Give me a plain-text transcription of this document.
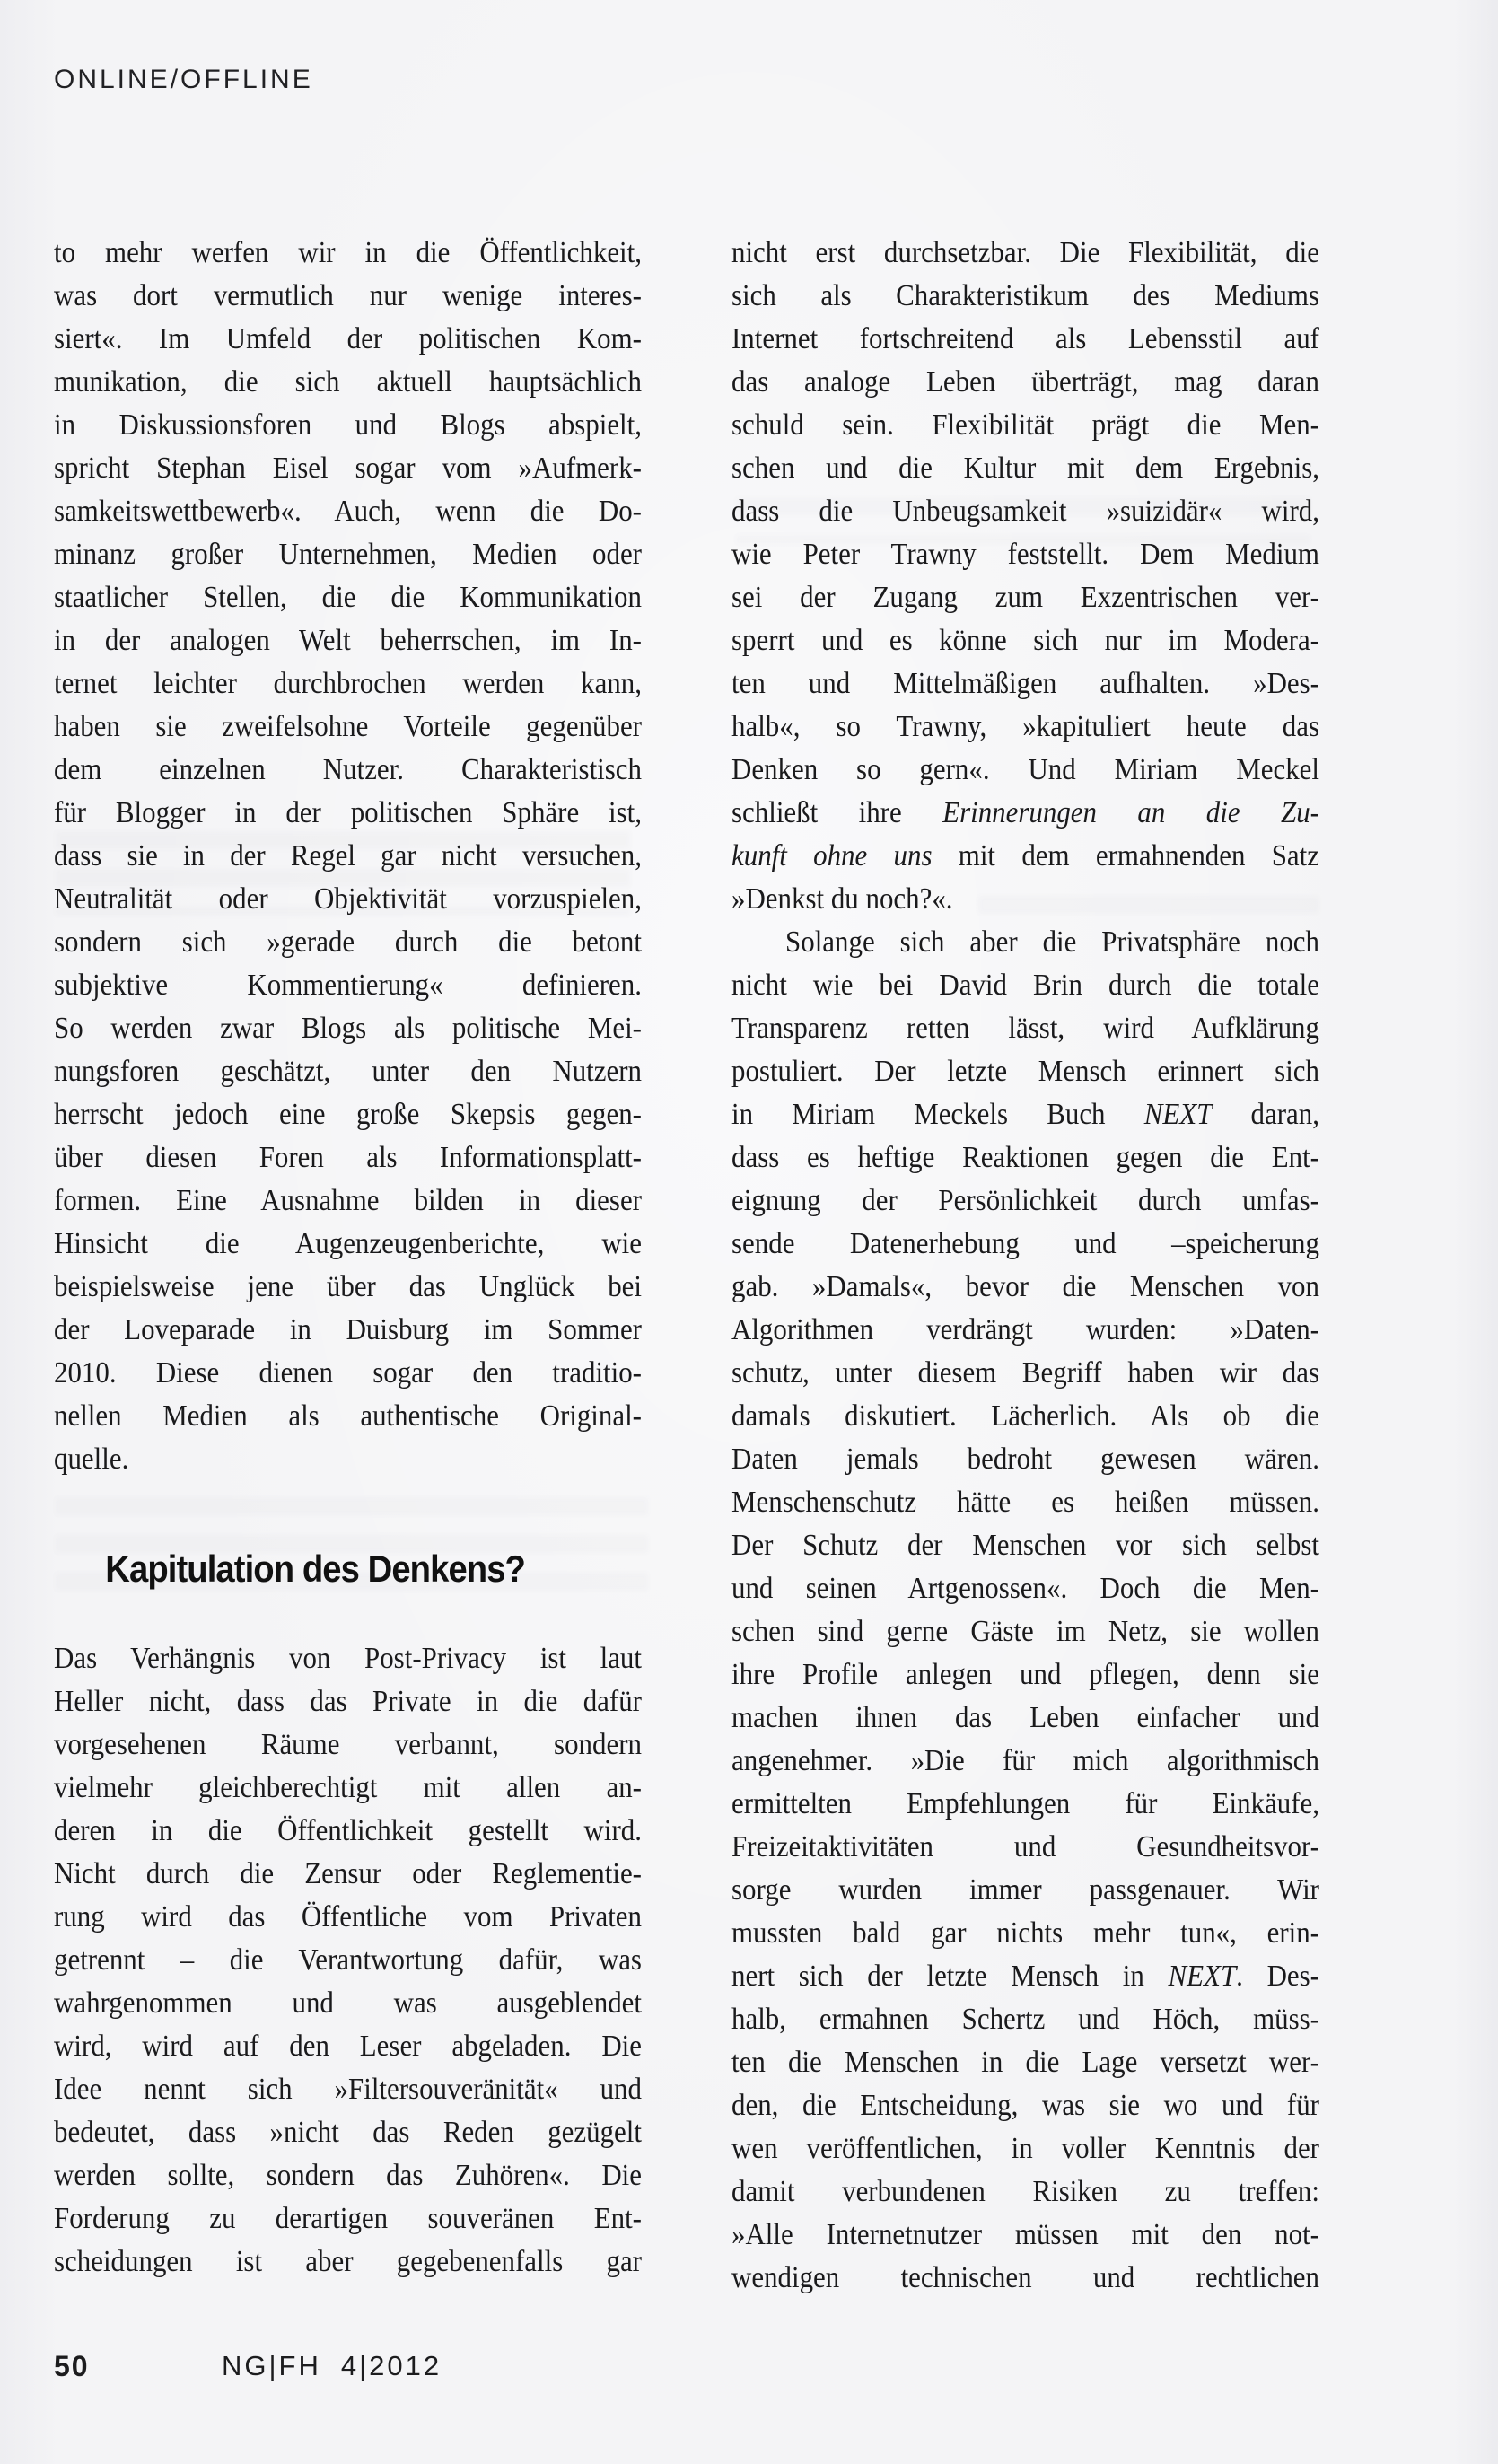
ONLINE/OFFLINE
to mehr werfen wir in die Öffentlichkeit,
was dort vermutlich nur wenige interes-
siert«. Im Umfeld der politischen Kom-
munikation, die sich aktuell hauptsächlich
in Diskussionsforen und Blogs abspielt,
spricht Stephan Eisel sogar vom »Aufmerk-
samkeitswettbewerb«. Auch, wenn die Do-
minanz großer Unternehmen, Medien oder
staatlicher Stellen, die die Kommunikation
in der analogen Welt beherrschen, im In-
ternet leichter durchbrochen werden kann,
haben sie zweifelsohne Vorteile gegenüber
dem einzelnen Nutzer. Charakteristisch
für Blogger in der politischen Sphäre ist,
dass sie in der Regel gar nicht versuchen,
Neutralität oder Objektivität vorzuspielen,
sondern sich »gerade durch die betont
subjektive Kommentierung« definieren.
So werden zwar Blogs als politische Mei-
nungsforen geschätzt, unter den Nutzern
herrscht jedoch eine große Skepsis gegen-
über diesen Foren als Informationsplatt-
formen. Eine Ausnahme bilden in dieser
Hinsicht die Augenzeugenberichte, wie
beispielsweise jene über das Unglück bei
der Loveparade in Duisburg im Sommer
2010. Diese dienen sogar den traditio-
nellen Medien als authentische Original-
quelle.
Kapitulation des Denkens?
Das Verhängnis von Post-Privacy ist laut
Heller nicht, dass das Private in die dafür
vorgesehenen Räume verbannt, sondern
vielmehr gleichberechtigt mit allen an-
deren in die Öffentlichkeit gestellt wird.
Nicht durch die Zensur oder Reglementie-
rung wird das Öffentliche vom Privaten
getrennt – die Verantwortung dafür, was
wahrgenommen und was ausgeblendet
wird, wird auf den Leser abgeladen. Die
Idee nennt sich »Filtersouveränität« und
bedeutet, dass »nicht das Reden gezügelt
werden sollte, sondern das Zuhören«. Die
Forderung zu derartigen souveränen Ent-
scheidungen ist aber gegebenenfalls gar
nicht erst durchsetzbar. Die Flexibilität, die
sich als Charakteristikum des Mediums
Internet fortschreitend als Lebensstil auf
das analoge Leben überträgt, mag daran
schuld sein. Flexibilität prägt die Men-
schen und die Kultur mit dem Ergebnis,
dass die Unbeugsamkeit »suizidär« wird,
wie Peter Trawny feststellt. Dem Medium
sei der Zugang zum Exzentrischen ver-
sperrt und es könne sich nur im Modera-
ten und Mittelmäßigen aufhalten. »Des-
halb«, so Trawny, »kapituliert heute das
Denken so gern«. Und Miriam Meckel
schließt ihre Erinnerungen an die Zu-
kunft ohne uns mit dem ermahnenden Satz
»Denkst du noch?«.
Solange sich aber die Privatsphäre noch
nicht wie bei David Brin durch die totale
Transparenz retten lässt, wird Aufklärung
postuliert. Der letzte Mensch erinnert sich
in Miriam Meckels Buch NEXT daran,
dass es heftige Reaktionen gegen die Ent-
eignung der Persönlichkeit durch umfas-
sende Datenerhebung und –speicherung
gab. »Damals«, bevor die Menschen von
Algorithmen verdrängt wurden: »Daten-
schutz, unter diesem Begriff haben wir das
damals diskutiert. Lächerlich. Als ob die
Daten jemals bedroht gewesen wären.
Menschenschutz hätte es heißen müssen.
Der Schutz der Menschen vor sich selbst
und seinen Artgenossen«. Doch die Men-
schen sind gerne Gäste im Netz, sie wollen
ihre Profile anlegen und pflegen, denn sie
machen ihnen das Leben einfacher und
angenehmer. »Die für mich algorithmisch
ermittelten Empfehlungen für Einkäufe,
Freizeitaktivitäten und Gesundheitsvor-
sorge wurden immer passgenauer. Wir
mussten bald gar nichts mehr tun«, erin-
nert sich der letzte Mensch in NEXT. Des-
halb, ermahnen Schertz und Höch, müss-
ten die Menschen in die Lage versetzt wer-
den, die Entscheidung, was sie wo und für
wen veröffentlichen, in voller Kenntnis der
damit verbundenen Risiken zu treffen:
»Alle Internetnutzer müssen mit den not-
wendigen technischen und rechtlichen
50	NG|FH 4|2012
